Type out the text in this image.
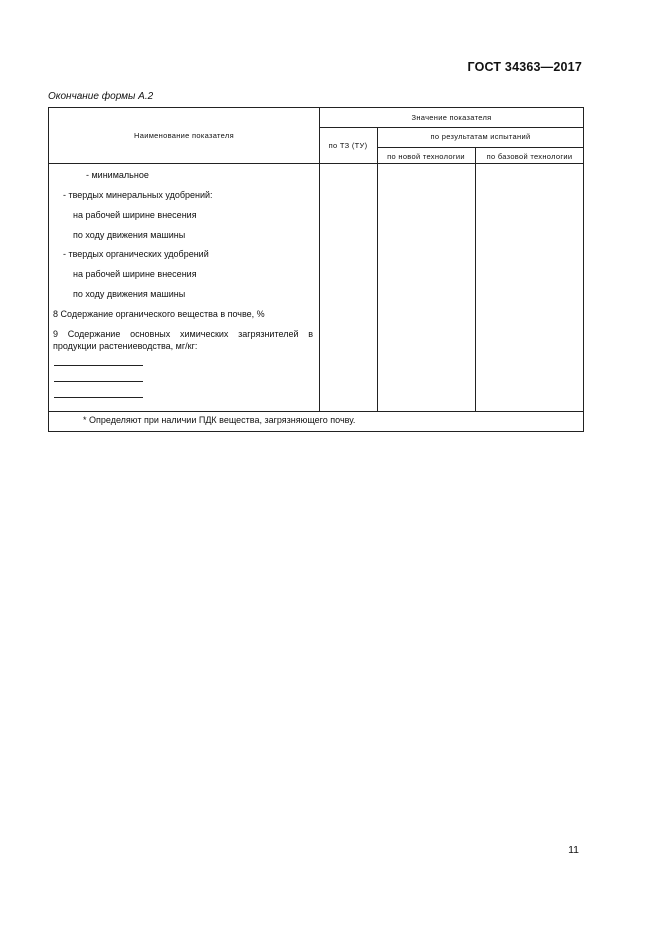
ГОСТ 34363—2017
Окончание формы А.2
Наименование показателя
Значение показателя
по ТЗ (ТУ)
по результатам испытаний
по новой технологии	по базовой технологии
- минимальное
- твердых минеральных удобрений:
на рабочей ширине внесения
по ходу движения машины
- твердых органических удобрений
на рабочей ширине внесения
по ходу движения машины
8 Содержание органического вещества в почве, %
9 Содержание основных химических загрязнителей в продукции растениеводства, мг/кг:
* Определяют при наличии ПДК вещества, загрязняющего почву.
11
